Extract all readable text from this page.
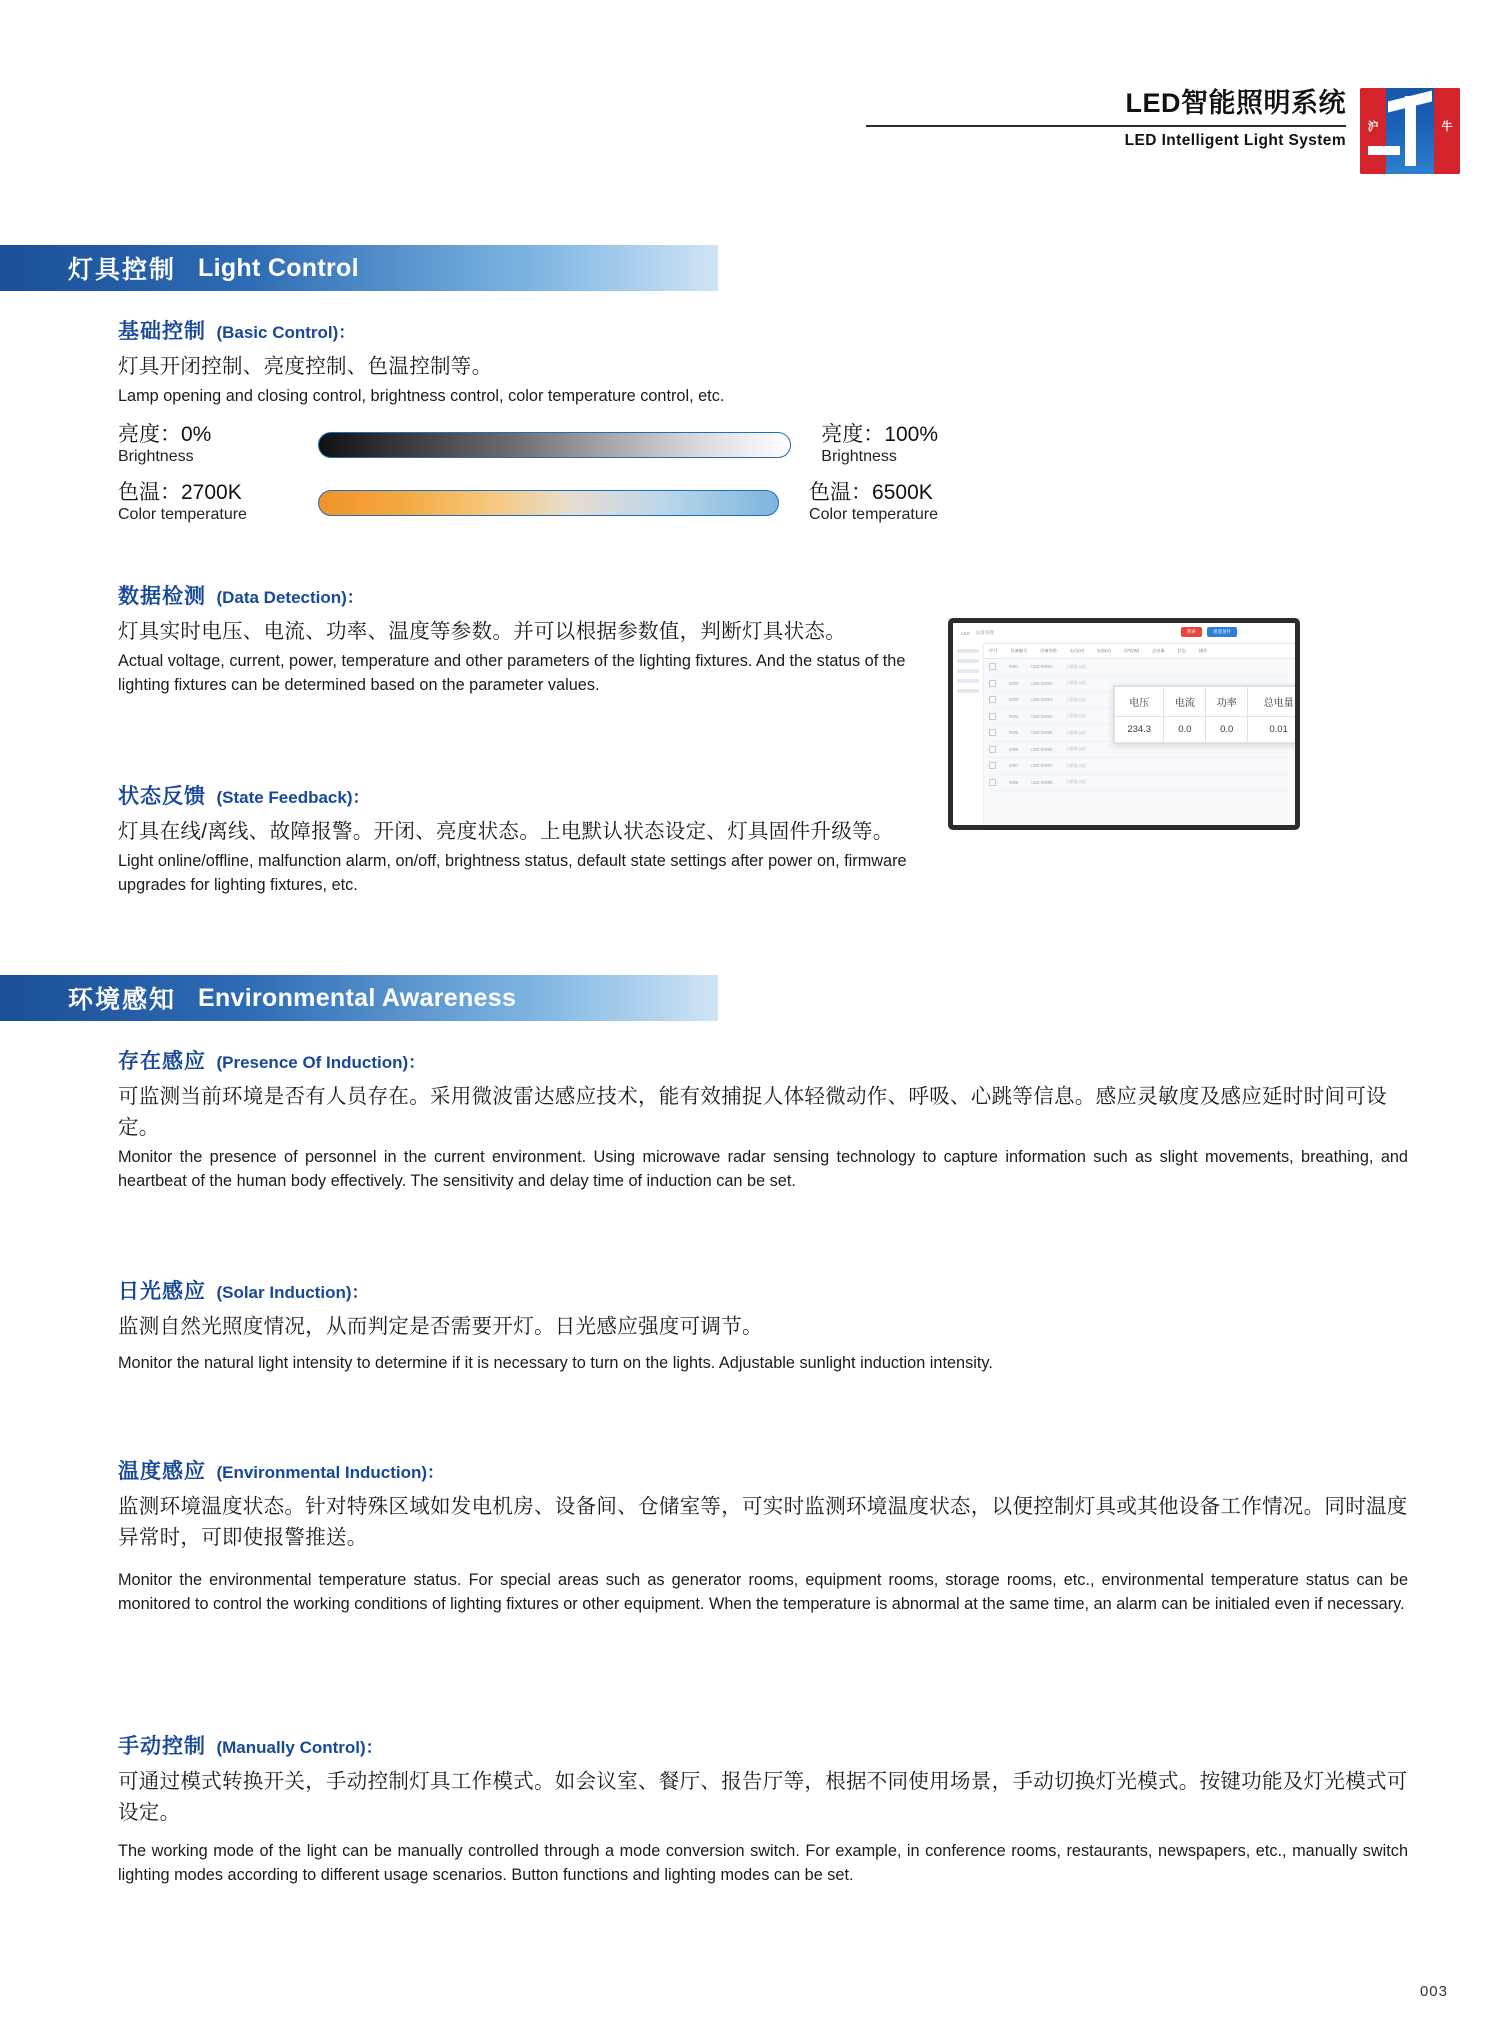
LED智能照明系统
LED Intelligent Light System
沪	牛
灯具控制 Light Control
基础控制 (Basic Control)：
灯具开闭控制、亮度控制、色温控制等。
Lamp opening and closing control, brightness control, color temperature control, etc.
亮度：0%
Brightness
亮度：100%
Brightness
色温：2700K
Color temperature
色温：6500K
Color temperature
数据检测 (Data Detection)：
灯具实时电压、电流、功率、温度等参数。并可以根据参数值，判断灯具状态。
Actual voltage, current, power, temperature and other parameters of the lighting fixtures. And the status of the lighting fixtures can be determined based on the parameter values.
状态反馈 (State Feedback)：
灯具在线/离线、故障报警。开闭、亮度状态。上电默认状态设定、灯具固件升级等。
Light online/offline, malfunction alarm, on/off, brightness status, default state settings after power on, firmware upgrades for lighting fixtures, etc.
LED 设备管理	搜索	重置条件
序号	设备编号	设备名称	电压(V)	电流(A)	功率(W)	总电量	状态	操作
0001	LED-00001	三层办公区
0002	LED-00002	三层办公区
0003	LED-00003	三层办公区
0004	LED-00004	三层办公区
0005	LED-00005	三层办公区
0006	LED-00006	三层办公区
0007	LED-00007	三层办公区
0008	LED-00008	三层办公区
电压	电流	功率	总电量
234.3	0.0	0.0	0.01
环境感知 Environmental Awareness
存在感应 (Presence Of Induction)：
可监测当前环境是否有人员存在。采用微波雷达感应技术，能有效捕捉人体轻微动作、呼吸、心跳等信息。感应灵敏度及感应延时时间可设定。
Monitor the presence of personnel in the current environment. Using microwave radar sensing technology to capture information such as slight movements, breathing, and heartbeat of the human body effectively. The sensitivity and delay time of induction can be set.
日光感应 (Solar Induction)：
监测自然光照度情况，从而判定是否需要开灯。日光感应强度可调节。
Monitor the natural light intensity to determine if it is necessary to turn on the lights. Adjustable sunlight induction intensity.
温度感应 (Environmental Induction)：
监测环境温度状态。针对特殊区域如发电机房、设备间、仓储室等，可实时监测环境温度状态，以便控制灯具或其他设备工作情况。同时温度异常时，可即使报警推送。
Monitor the environmental temperature status. For special areas such as generator rooms, equipment rooms, storage rooms, etc., environmental temperature status can be monitored to control the working conditions of lighting fixtures or other equipment. When the temperature is abnormal at the same time, an alarm can be initialed even if necessary.
手动控制 (Manually Control)：
可通过模式转换开关，手动控制灯具工作模式。如会议室、餐厅、报告厅等，根据不同使用场景，手动切换灯光模式。按键功能及灯光模式可设定。
The working mode of the light can be manually controlled through a mode conversion switch. For example, in conference rooms, restaurants, newspapers, etc., manually switch lighting modes according to different usage scenarios. Button functions and lighting modes can be set.
003
